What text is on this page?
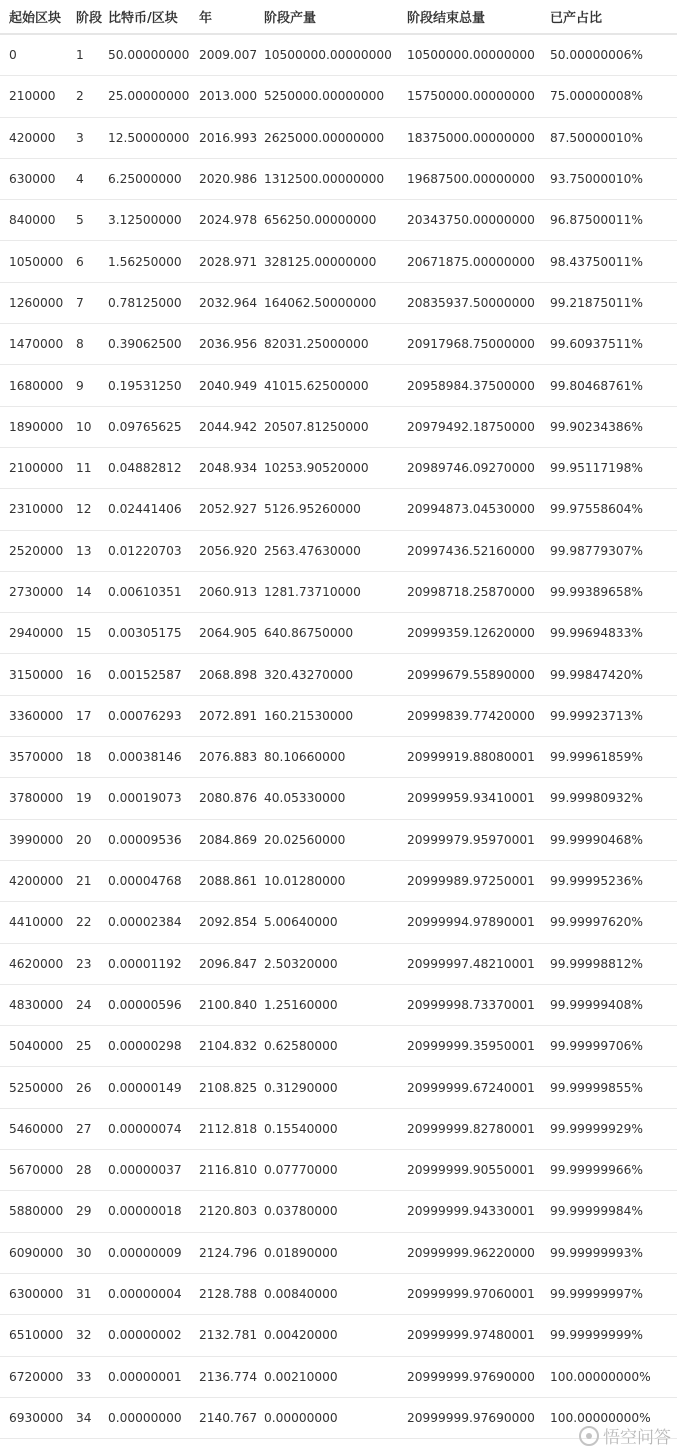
起始区块 阶段 比特币/区块 年	阶段产量	阶段结束总量	已产占比
0	1 50.00000000 2009.007 10500000.00000000 10500000.00000000 50.00000006%
210000 2 25.00000000 2013.000 5250000.00000000 15750000.00000000 75.00000008%
420000 3 12.50000000 2016.993 2625000.00000000 18375000.00000000 87.50000010%
630000 4 6.25000000 2020.986 1312500.00000000 19687500.00000000 93.75000010%
840000 5 3.12500000 2024.978 656250.00000000	20343750.00000000 96.87500011%
1050000 6 1.56250000 2028.971 328125.00000000	20671875.00000000 98.43750011%
1260000 7 0.78125000 2032.964 164062.50000000	20835937.50000000 99.21875011%
1470000 8 0.39062500 2036.956 82031.25000000	20917968.75000000 99.60937511%
1680000 9 0.19531250 2040.949 41015.62500000	20958984.37500000 99.80468761%
1890000 10 0.09765625 2044.942 20507.81250000	20979492.18750000 99.90234386%
2100000 11 0.04882812 2048.934 10253.90520000	20989746.09270000 99.95117198%
2310000 12 0.02441406 2052.927 5126.95260000	20994873.04530000 99.97558604%
2520000 13 0.01220703 2056.920 2563.47630000	20997436.52160000 99.98779307%
2730000 14 0.00610351 2060.913 1281.73710000	20998718.25870000 99.99389658%
2940000 15 0.00305175 2064.905 640.86750000	20999359.12620000 99.99694833%
3150000 16 0.00152587 2068.898 320.43270000	20999679.55890000 99.99847420%
3360000 17 0.00076293 2072.891 160.21530000	20999839.77420000 99.99923713%
3570000 18 0.00038146 2076.883 80.10660000	20999919.88080001 99.99961859%
3780000 19 0.00019073 2080.876 40.05330000	20999959.93410001 99.99980932%
3990000 20 0.00009536 2084.869 20.02560000	20999979.95970001 99.99990468%
4200000 21 0.00004768 2088.861 10.01280000	20999989.97250001 99.99995236%
4410000 22 0.00002384 2092.854 5.00640000	20999994.97890001 99.99997620%
4620000 23 0.00001192 2096.847 2.50320000	20999997.48210001 99.99998812%
4830000 24 0.00000596 2100.840 1.25160000	20999998.73370001 99.99999408%
5040000 25 0.00000298 2104.832 0.62580000	20999999.35950001 99.99999706%
5250000 26 0.00000149 2108.825 0.31290000	20999999.67240001 99.99999855%
5460000 27 0.00000074 2112.818 0.15540000	20999999.82780001 99.99999929%
5670000 28 0.00000037 2116.810 0.07770000	20999999.90550001 99.99999966%
5880000 29 0.00000018 2120.803 0.03780000	20999999.94330001 99.99999984%
6090000 30 0.00000009 2124.796 0.01890000	20999999.96220000 99.99999993%
6300000 31 0.00000004 2128.788 0.00840000	20999999.97060001 99.99999997%
6510000 32 0.00000002 2132.781 0.00420000	20999999.97480001 99.99999999%
6720000 33 0.00000001 2136.774 0.00210000	20999999.97690000 100.00000000%
6930000 34 0.00000000 2140.767 0.00000000	20999999.97690000 100.00000000%
悟空问答
